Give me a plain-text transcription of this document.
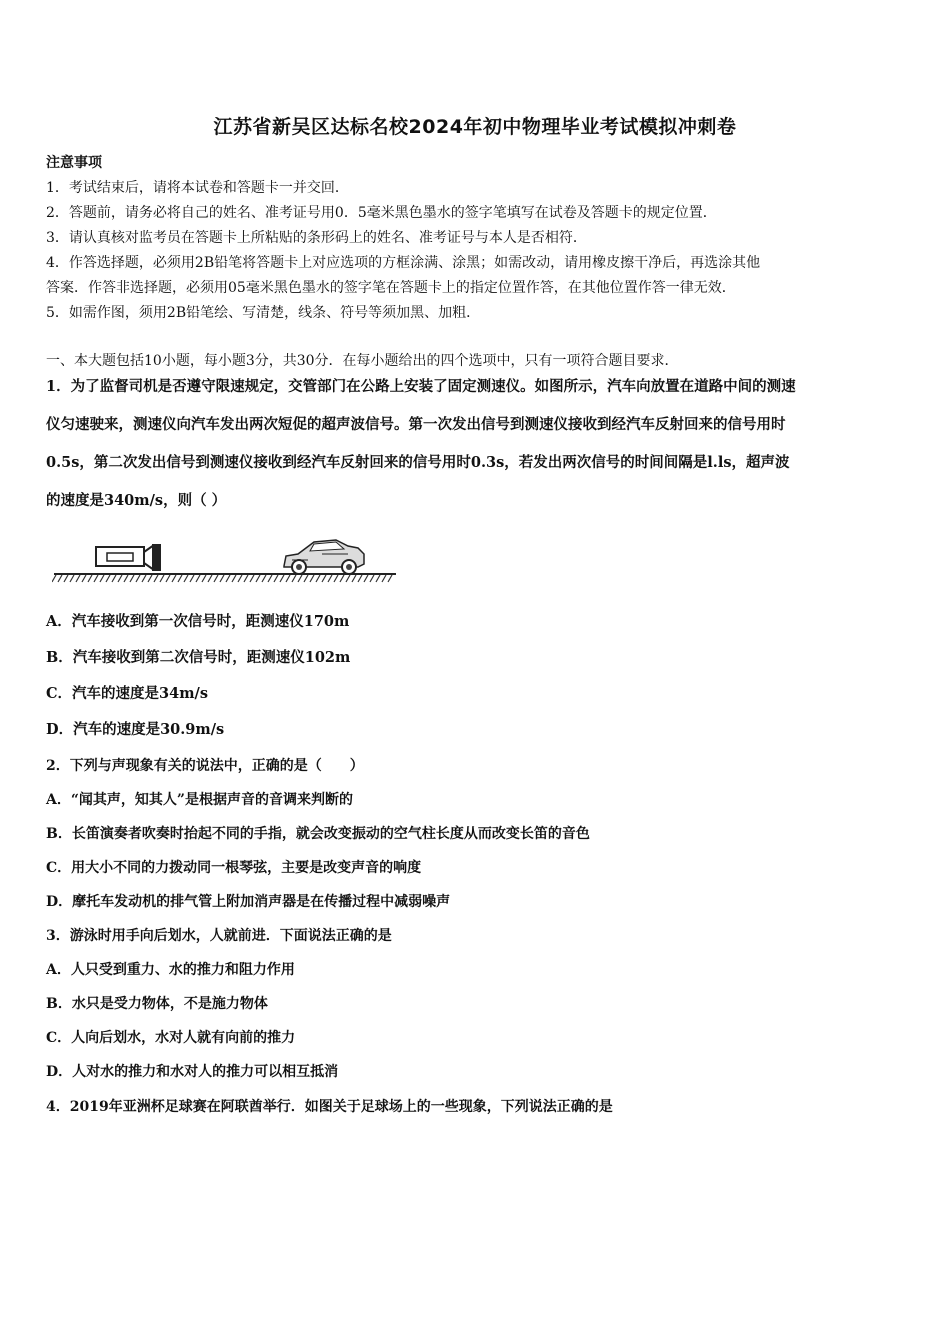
江苏省新吴区达标名校2024年初中物理毕业考试模拟冲刺卷
注意事项
1．考试结束后，请将本试卷和答题卡一并交回．
2．答题前，请务必将自己的姓名、准考证号用0．5毫米黑色墨水的签字笔填写在试卷及答题卡的规定位置．
3．请认真核对监考员在答题卡上所粘贴的条形码上的姓名、准考证号与本人是否相符．
4．作答选择题，必须用2B铅笔将答题卡上对应选项的方框涂满、涂黑；如需改动，请用橡皮擦干净后，再选涂其他
答案．作答非选择题，必须用05毫米黑色墨水的签字笔在答题卡上的指定位置作答，在其他位置作答一律无效．
5．如需作图，须用2B铅笔绘、写清楚，线条、符号等须加黑、加粗．
一、本大题包括10小题，每小题3分，共30分．在每小题给出的四个选项中，只有一项符合题目要求．
1．为了监督司机是否遵守限速规定，交管部门在公路上安装了固定测速仪。如图所示，汽车向放置在道路中间的测速
仪匀速驶来，测速仪向汽车发出两次短促的超声波信号。第一次发出信号到测速仪接收到经汽车反射回来的信号用时
0.5s，第二次发出信号到测速仪接收到经汽车反射回来的信号用时0.3s，若发出两次信号的时间间隔是l.ls，超声波
的速度是340m/s，则（ ）
A．汽车接收到第一次信号时，距测速仪170m
B．汽车接收到第二次信号时，距测速仪102m
C．汽车的速度是34m/s
D．汽车的速度是30.9m/s
2．下列与声现象有关的说法中，正确的是（　　）
A．“闻其声，知其人”是根据声音的音调来判断的
B．长笛演奏者吹奏时抬起不同的手指，就会改变振动的空气柱长度从而改变长笛的音色
C．用大小不同的力拨动同一根琴弦，主要是改变声音的响度
D．摩托车发动机的排气管上附加消声器是在传播过程中减弱噪声
3．游泳时用手向后划水，人就前进．下面说法正确的是
A．人只受到重力、水的推力和阻力作用
B．水只是受力物体，不是施力物体
C．人向后划水，水对人就有向前的推力
D．人对水的推力和水对人的推力可以相互抵消
4．2019年亚洲杯足球赛在阿联酋举行．如图关于足球场上的一些现象，下列说法正确的是
